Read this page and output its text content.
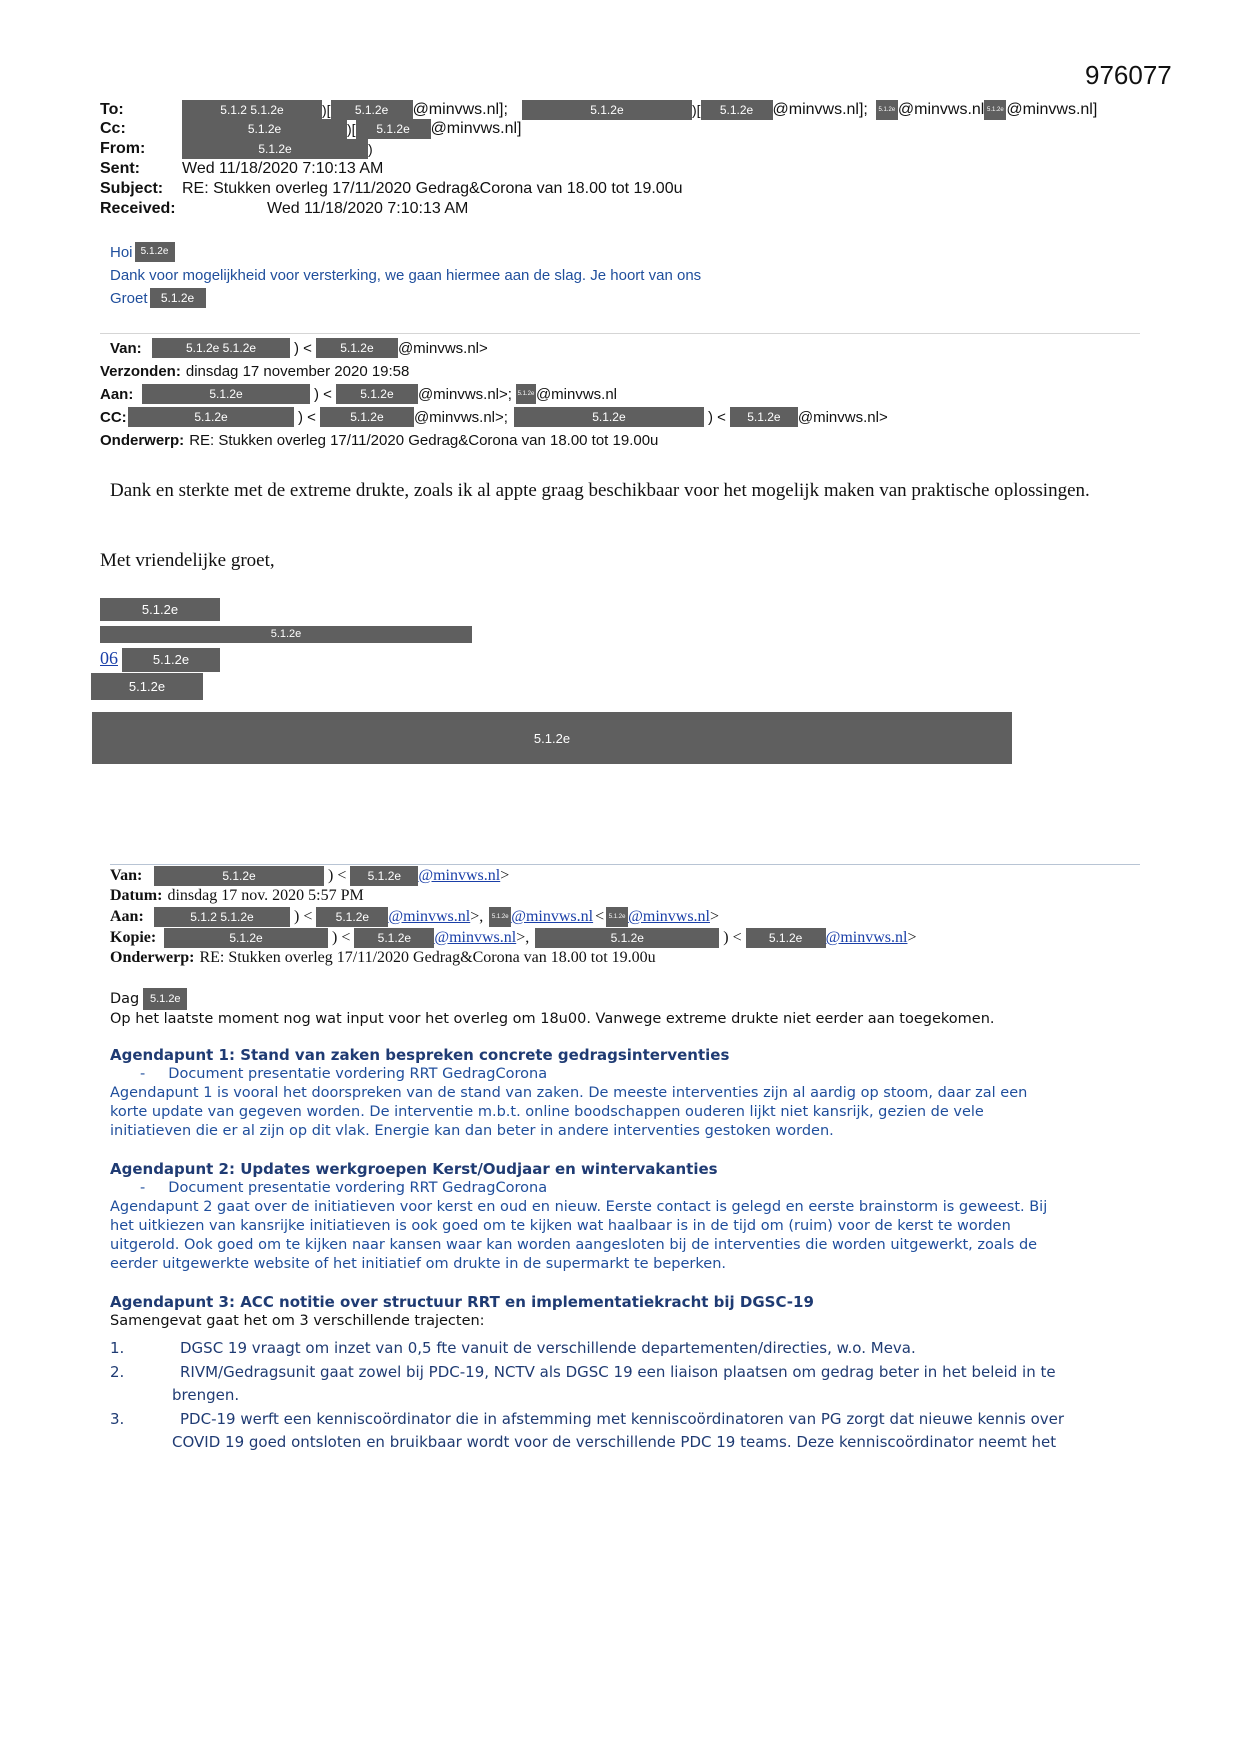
976077
To:	5.1.2 5.1.2e	)[	5.1.2e	@minvws.nl];	5.1.2e	)[	5.1.2e	@minvws.nl];	5.1.2e @minvws.nl 5.1.2e @minvws.nl]
Cc:	5.1.2e	)[	5.1.2e	@minvws.nl]
From:	5.1.2e	)
Sent:	Wed 11/18/2020 7:10:13 AM
Subject:	RE: Stukken overleg 17/11/2020 Gedrag&Corona van 18.00 tot 19.00u
Received:	Wed 11/18/2020 7:10:13 AM
Hoi 5.1.2e
Dank voor mogelijkheid voor versterking, we gaan hiermee aan de slag. Je hoort van ons
Groet	5.1.2e
Van:	5.1.2e 5.1.2e	) <	5.1.2e	@minvws.nl>
Verzonden: dinsdag 17 november 2020 19:58
Aan:	5.1.2e	) <	5.1.2e	@minvws.nl>; 5.1.2e @minvws.nl
CC:	5.1.2e	) <	5.1.2e	@minvws.nl>;	5.1.2e	) <	5.1.2e	@minvws.nl>
Onderwerp: RE: Stukken overleg 17/11/2020 Gedrag&Corona van 18.00 tot 19.00u
Dank en sterkte met de extreme drukte, zoals ik al appte graag beschikbaar voor het mogelijk maken van praktische oplossingen.
Met vriendelijke groet,
5.1.2e
5.1.2e
06	5.1.2e
5.1.2e
5.1.2e
Van:	5.1.2e	) <	5.1.2e	@minvws.nl >
Datum: dinsdag 17 nov. 2020 5:57 PM
Aan:	5.1.2 5.1.2e	) <	5.1.2e	@minvws.nl >,	5.1.2e @minvws.nl < 5.1.2e @minvws.nl >
Kopie:	5.1.2e	) <	5.1.2e	@minvws.nl >,	5.1.2e	) <	5.1.2e	@minvws.nl >
Onderwerp: RE: Stukken overleg 17/11/2020 Gedrag&Corona van 18.00 tot 19.00u
Dag 5.1.2e
Op het laatste moment nog wat input voor het overleg om 18u00. Vanwege extreme drukte niet eerder aan toegekomen.
Agendapunt 1: Stand van zaken bespreken concrete gedragsinterventies
-     Document presentatie vordering RRT GedragCorona
Agendapunt 1 is vooral het doorspreken van de stand van zaken. De meeste interventies zijn al aardig op stoom, daar zal een
korte update van gegeven worden. De interventie m.b.t. online boodschappen ouderen lijkt niet kansrijk, gezien de vele
initiatieven die er al zijn op dit vlak. Energie kan dan beter in andere interventies gestoken worden.
Agendapunt 2: Updates werkgroepen Kerst/Oudjaar en wintervakanties
-     Document presentatie vordering RRT GedragCorona
Agendapunt 2 gaat over de initiatieven voor kerst en oud en nieuw. Eerste contact is gelegd en eerste brainstorm is geweest. Bij
het uitkiezen van kansrijke initiatieven is ook goed om te kijken wat haalbaar is in de tijd om (ruim) voor de kerst te worden
uitgerold. Ook goed om te kijken naar kansen waar kan worden aangesloten bij de interventies die worden uitgewerkt, zoals de
eerder uitgewerkte website of het initiatief om drukte in de supermarkt te beperken.
Agendapunt 3: ACC notitie over structuur RRT en implementatiekracht bij DGSC-19
Samengevat gaat het om 3 verschillende trajecten:
1.	DGSC 19 vraagt om inzet van 0,5 fte vanuit de verschillende departementen/directies, w.o. Meva.
2.	RIVM/Gedragsunit gaat zowel bij PDC-19, NCTV als DGSC 19 een liaison plaatsen om gedrag beter in het beleid in te
brengen.
3.	PDC-19 werft een kenniscoördinator die in afstemming met kenniscoördinatoren van PG zorgt dat nieuwe kennis over
COVID 19 goed ontsloten en bruikbaar wordt voor de verschillende PDC 19 teams. Deze kenniscoördinator neemt het
